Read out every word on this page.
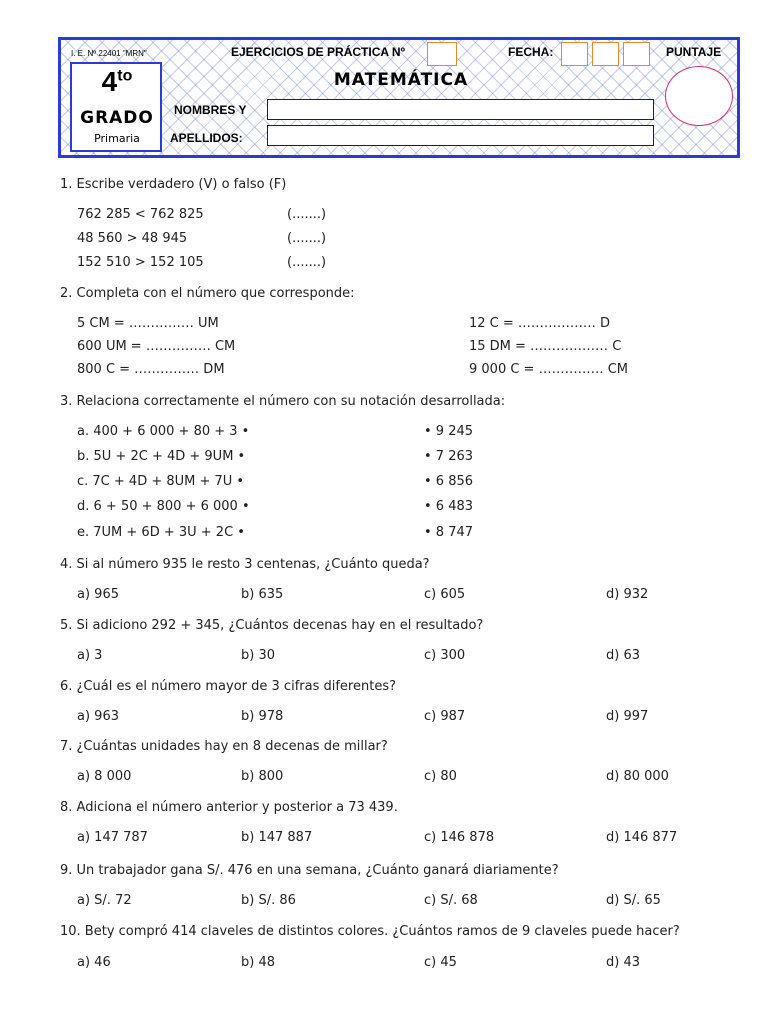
I. E. Nº 22401 "MRN"
$4^{to}$
GRADO
Primaria
EJERCICIOS DE PRÁCTICA Nº	FECHA:	PUNTAJE
MATEMÁTICA
NOMBRES Y
APELLIDOS:
1. Escribe verdadero (V) o falso (F)
762 285 < 762 825	(.......)
48 560 > 48 945	(.......)
152 510 > 152 105	(.......)
2. Completa con el número que corresponde:
5 CM = …………… UM	12 C = ……………… D
600 UM = …………… CM	15 DM = ……………… C
800 C = …………… DM	9 000 C = …………… CM
3. Relaciona correctamente el número con su notación desarrollada:
a. 400 + 6 000 + 80 + 3 •	• 9 245
b. 5U + 2C + 4D + 9UM •	• 7 263
c. 7C + 4D + 8UM + 7U •	• 6 856
d. 6 + 50 + 800 + 6 000 •	• 6 483
e. 7UM + 6D + 3U + 2C •	• 8 747
4. Si al número 935 le resto 3 centenas, ¿Cuánto queda?
a) 965	b) 635	c) 605	d) 932
5. Si adiciono 292 + 345, ¿Cuántos decenas hay en el resultado?
a) 3	b) 30	c) 300	d) 63
6. ¿Cuál es el número mayor de 3 cifras diferentes?
a) 963	b) 978	c) 987	d) 997
7. ¿Cuántas unidades hay en 8 decenas de millar?
a) 8 000	b) 800	c) 80	d) 80 000
8. Adiciona el número anterior y posterior a 73 439.
a) 147 787	b) 147 887	c) 146 878	d) 146 877
9. Un trabajador gana S/. 476 en una semana, ¿Cuánto ganará diariamente?
a) S/. 72	b) S/. 86	c) S/. 68	d) S/. 65
10. Bety compró 414 claveles de distintos colores. ¿Cuántos ramos de 9 claveles puede hacer?
a) 46	b) 48	c) 45	d) 43
